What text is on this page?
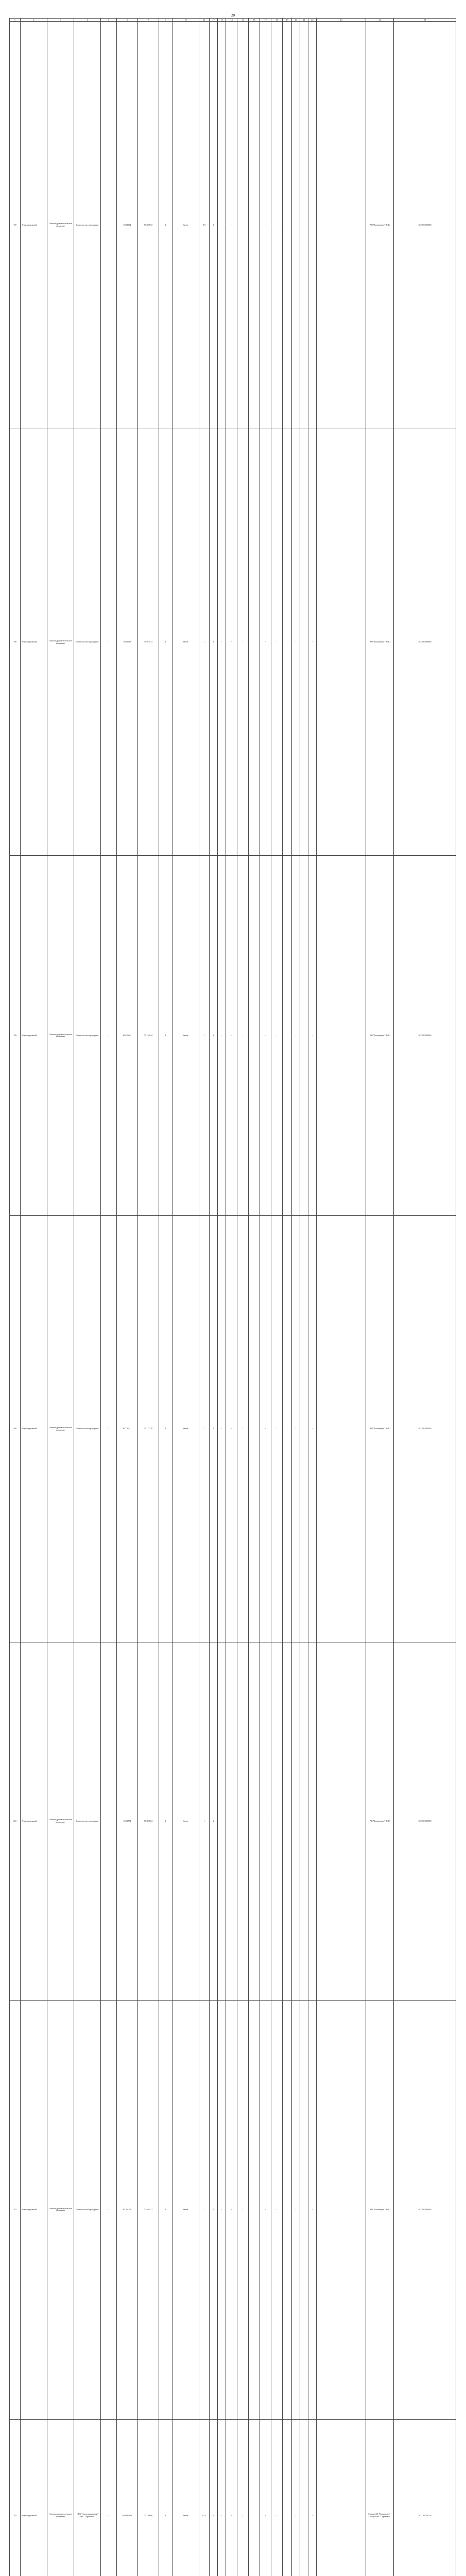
20
1	2	3	4	5	6	7	8	10	11	17	13	14	15	16	17	18	19	20	21	22	23	24	25	
197	Александровский	Александровское сельское поселение	Советское месторождение	-	60.81394	77.029557	4	бетон	0.9	1	-	-	-	-	-	-	-	-	-	-	-	АО "Томскнефть" ВНК	1027001618918	
198	Александровский	Александровское сельское поселение	Советское месторождение	-	60.71998	77.077831	4	бетон	1	1	-	-	-	-	-	-	-	-	-	-	-	АО "Томскнефть" ВНК	1027001618918	
199	Александровский	Александровское сельское поселение	Советское месторождение	-	60.676467	77.154834	4	бетон	1	2	-	-	-	-	-	-	-	-	-	-	-	АО "Томскнефть" ВНК	1027001618918	
200	Александровский	Александровское сельское поселение	Советское месторождение	-	60.759127	77.172776	4	бетон	1	2	-	-	-	-	-	-	-	-	-	-	-	АО "Томскнефть" ВНК	1027001618918	
201	Александровский	Александровское сельское поселение	Советское месторождение	-	60.81774	77.056984	4	бетон	1	2	-	-	-	-	-	-	-	-	-	-	-	АО "Томскнефть" ВНК	1027001618918	
202	Александровский	Александровское сельское поселение	Советское месторождение	-	60.764299	77.168373	4	бетон	1	2	-	-	-	-	-	-	-	-	-	-	-	АО "Томскнефть" ВНК	1027001618918	
203	Александровский	Александровское сельское поселение	НПС "Александровская" РНУ "Стрежевой"	-	60.6345414	77.158098	4	бетон	0.75	1	-	-	-	-	-	-	-	-	-	-	-	Филиал АО "Транснефть" - Сибирь РНУ "Стрежевой"	1027200789220	
